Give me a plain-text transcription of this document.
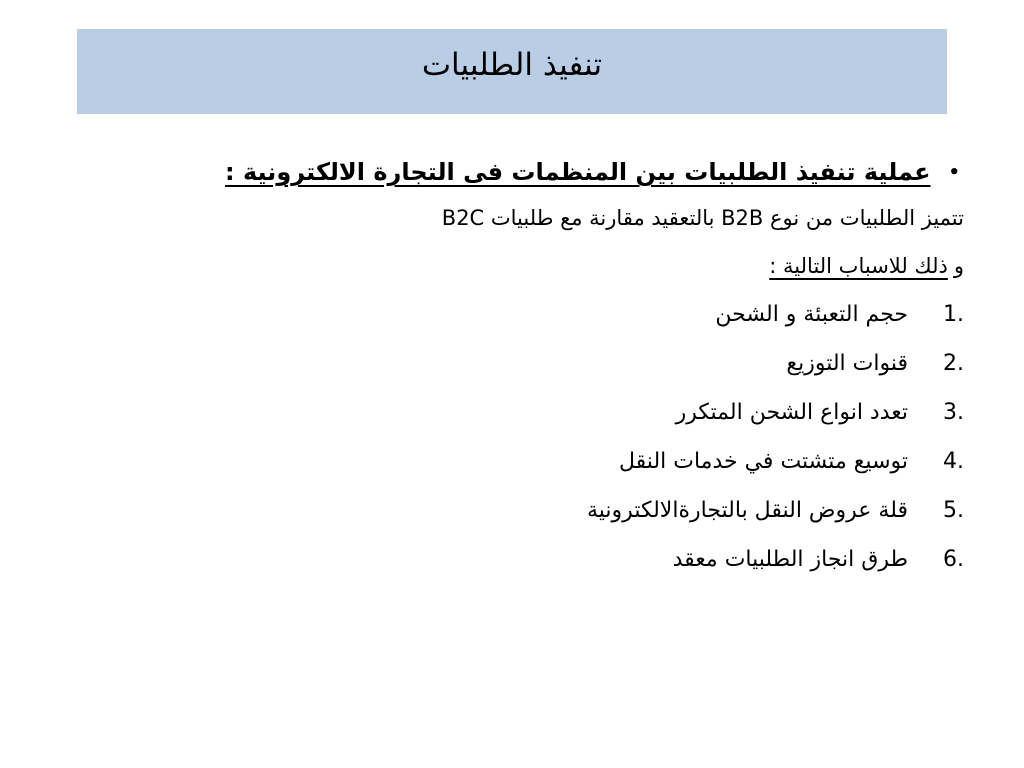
تنفيذ الطلبيات
•
عملية تنفيذ الطلبيات بين المنظمات فى التجارة الالكترونية :
تتميز الطلبيات من نوع B2B بالتعقيد مقارنة مع طلبيات B2C
و
ذلك للاسباب التالية :
1.
حجم التعبئة و الشحن
2.
قنوات التوزيع
3.
تعدد انواع الشحن المتكرر
4.
توسيع متشتت في خدمات النقل
5.
قلة عروض النقل بالتجارةالالكترونية
6.
طرق انجاز الطلبيات معقد
